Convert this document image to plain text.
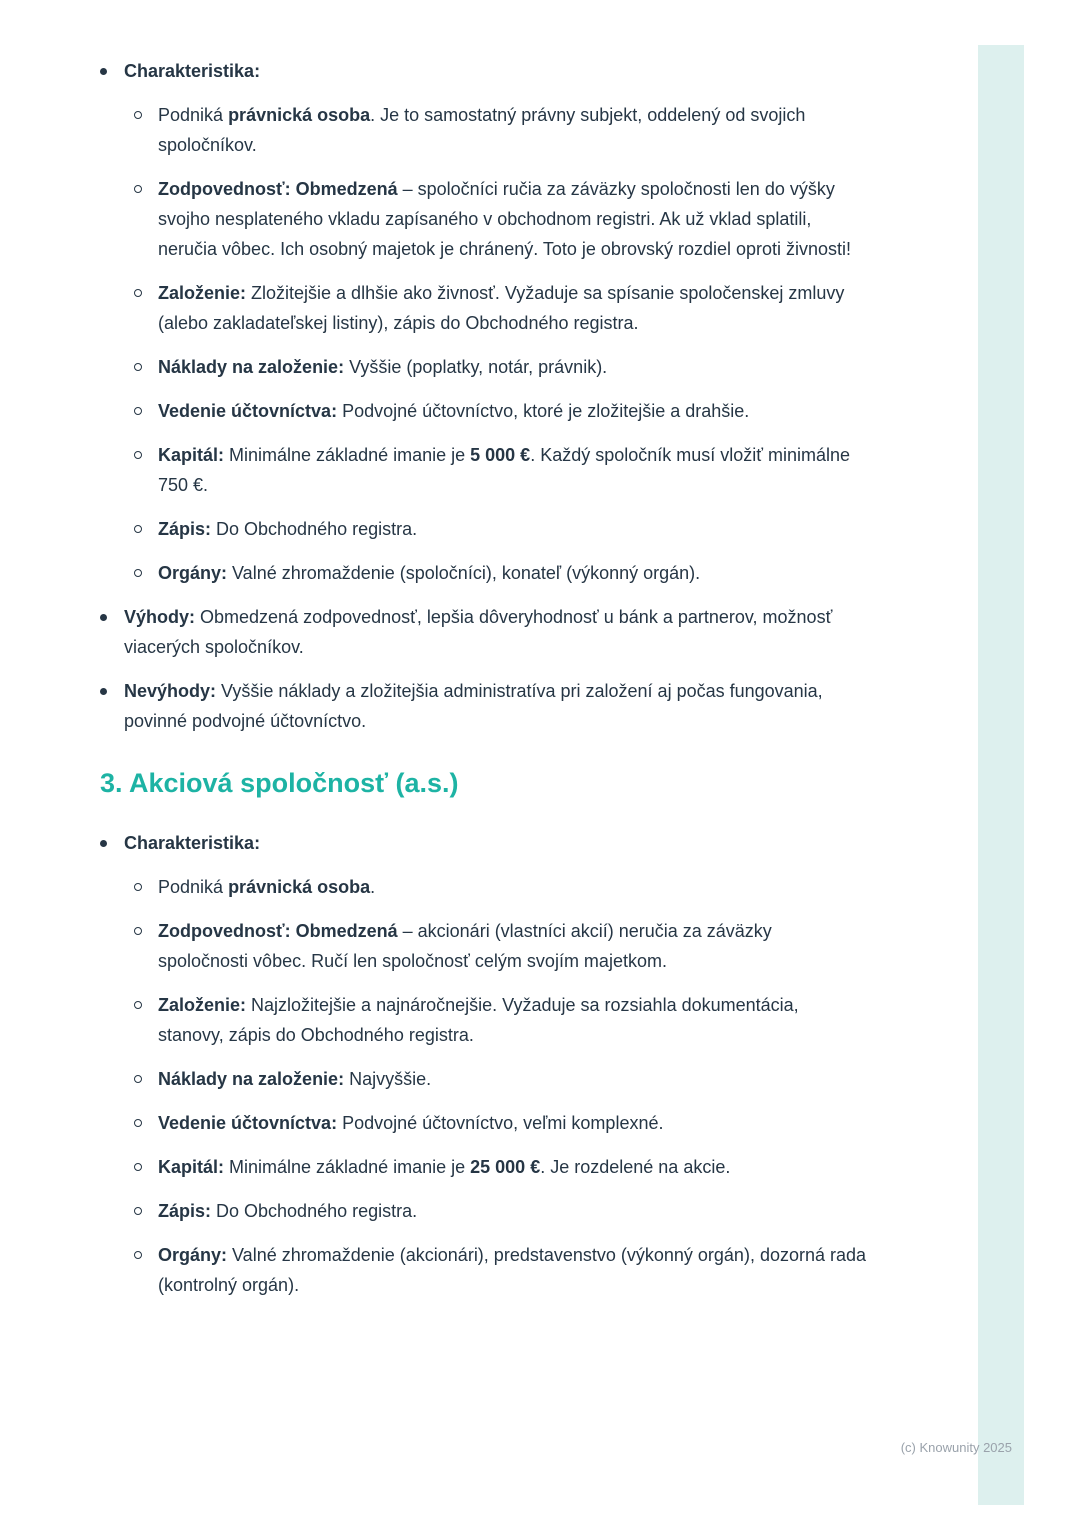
Charakteristika:
Podniká právnická osoba. Je to samostatný právny subjekt, oddelený od svojich spoločníkov.
Zodpovednosť: Obmedzená – spoločníci ručia za záväzky spoločnosti len do výšky svojho nesplateného vkladu zapísaného v obchodnom registri. Ak už vklad splatili, neručia vôbec. Ich osobný majetok je chránený. Toto je obrovský rozdiel oproti živnosti!
Založenie: Zložitejšie a dlhšie ako živnosť. Vyžaduje sa spísanie spoločenskej zmluvy (alebo zakladateľskej listiny), zápis do Obchodného registra.
Náklady na založenie: Vyššie (poplatky, notár, právnik).
Vedenie účtovníctva: Podvojné účtovníctvo, ktoré je zložitejšie a drahšie.
Kapitál: Minimálne základné imanie je 5 000 €. Každý spoločník musí vložiť minimálne 750 €.
Zápis: Do Obchodného registra.
Orgány: Valné zhromaždenie (spoločníci), konateľ (výkonný orgán).
Výhody: Obmedzená zodpovednosť, lepšia dôveryhodnosť u bánk a partnerov, možnosť viacerých spoločníkov.
Nevýhody: Vyššie náklady a zložitejšia administratíva pri založení aj počas fungovania, povinné podvojné účtovníctvo.
3. Akciová spoločnosť (a.s.)
Charakteristika:
Podniká právnická osoba.
Zodpovednosť: Obmedzená – akcionári (vlastníci akcií) neručia za záväzky spoločnosti vôbec. Ručí len spoločnosť celým svojím majetkom.
Založenie: Najzložitejšie a najnáročnejšie. Vyžaduje sa rozsiahla dokumentácia, stanovy, zápis do Obchodného registra.
Náklady na založenie: Najvyššie.
Vedenie účtovníctva: Podvojné účtovníctvo, veľmi komplexné.
Kapitál: Minimálne základné imanie je 25 000 €. Je rozdelené na akcie.
Zápis: Do Obchodného registra.
Orgány: Valné zhromaždenie (akcionári), predstavenstvo (výkonný orgán), dozorná rada (kontrolný orgán).
(c) Knowunity 2025
